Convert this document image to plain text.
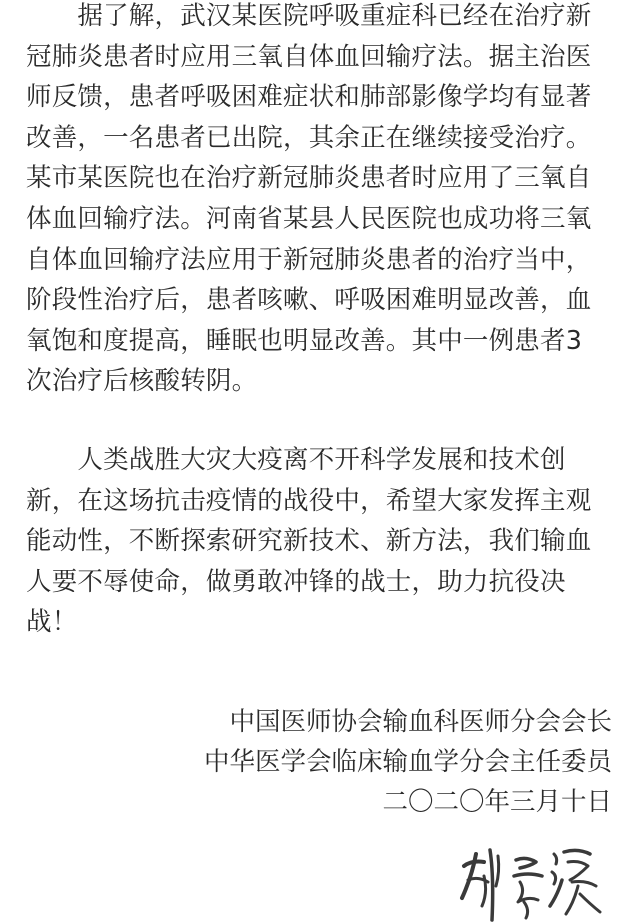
　　据了解，武汉某医院呼吸重症科已经在治疗新
冠肺炎患者时应用三氧自体血回输疗法。据主治医
师反馈，患者呼吸困难症状和肺部影像学均有显著
改善，一名患者已出院，其余正在继续接受治疗。
某市某医院也在治疗新冠肺炎患者时应用了三氧自
体血回输疗法。河南省某县人民医院也成功将三氧
自体血回输疗法应用于新冠肺炎患者的治疗当中，
阶段性治疗后，患者咳嗽、呼吸困难明显改善，血
氧饱和度提高，睡眠也明显改善。其中一例患者3
次治疗后核酸转阴。
　　人类战胜大灾大疫离不开科学发展和技术创
新，在这场抗击疫情的战役中，希望大家发挥主观
能动性，不断探索研究新技术、新方法，我们输血
人要不辱使命，做勇敢冲锋的战士，助力抗役决
战！
中国医师协会输血科医师分会会长
中华医学会临床输血学分会主任委员
二〇二〇年三月十日
